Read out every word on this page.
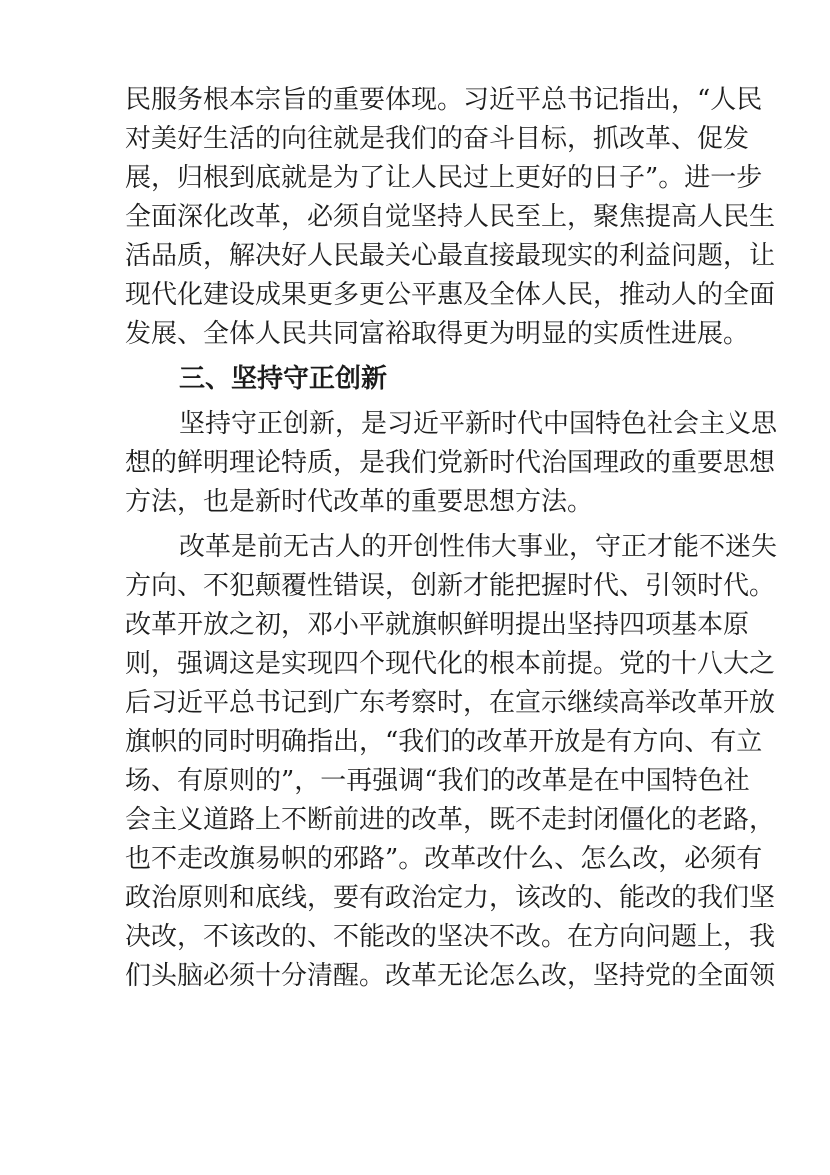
民服务根本宗旨的重要体现。习近平总书记指出，“人民
对美好生活的向往就是我们的奋斗目标，抓改革、促发
展，归根到底就是为了让人民过上更好的日子”。进一步
全面深化改革，必须自觉坚持人民至上，聚焦提高人民生
活品质，解决好人民最关心最直接最现实的利益问题，让
现代化建设成果更多更公平惠及全体人民，推动人的全面
发展、全体人民共同富裕取得更为明显的实质性进展。
三、坚持守正创新
坚持守正创新，是习近平新时代中国特色社会主义思
想的鲜明理论特质，是我们党新时代治国理政的重要思想
方法，也是新时代改革的重要思想方法。
改革是前无古人的开创性伟大事业，守正才能不迷失
方向、不犯颠覆性错误，创新才能把握时代、引领时代。
改革开放之初，邓小平就旗帜鲜明提出坚持四项基本原
则，强调这是实现四个现代化的根本前提。党的十八大之
后习近平总书记到广东考察时，在宣示继续高举改革开放
旗帜的同时明确指出，“我们的改革开放是有方向、有立
场、有原则的”，一再强调“我们的改革是在中国特色社
会主义道路上不断前进的改革，既不走封闭僵化的老路，
也不走改旗易帜的邪路”。改革改什么、怎么改，必须有
政治原则和底线，要有政治定力，该改的、能改的我们坚
决改，不该改的、不能改的坚决不改。在方向问题上，我
们头脑必须十分清醒。改革无论怎么改，坚持党的全面领
